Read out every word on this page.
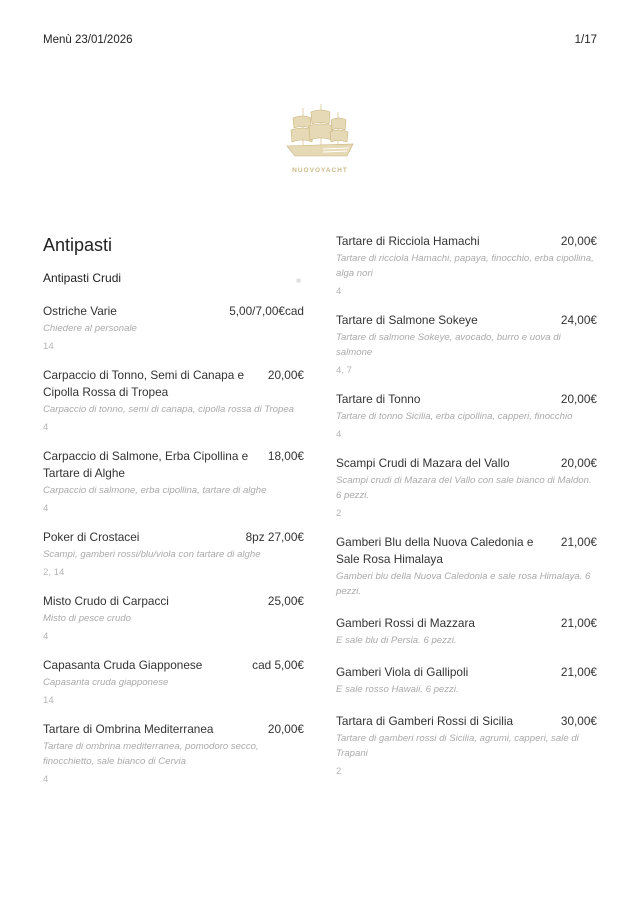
Menù 23/01/2026	1/17
NUOVOYACHT
Antipasti
Antipasti Crudi	■
Ostriche Varie	5,00/7,00€cad
Chiedere al personale
14
Carpaccio di Tonno, Semi di Canapa e Cipolla Rossa di Tropea
20,00€
Carpaccio di tonno, semi di canapa, cipolla rossa di Tropea
4
Carpaccio di Salmone, Erba Cipollina e Tartare di Alghe
18,00€
Carpaccio di salmone, erba cipollina, tartare di alghe
4
Poker di Crostacei	8pz 27,00€
Scampi, gamberi rossi/blu/viola con tartare di alghe
2, 14
Misto Crudo di Carpacci	25,00€
Misto di pesce crudo
4
Capasanta Cruda Giapponese	cad 5,00€
Capasanta cruda giapponese
14
Tartare di Ombrina Mediterranea	20,00€
Tartare di ombrina mediterranea, pomodoro secco, finocchietto, sale bianco di Cervia
4
Tartare di Ricciola Hamachi	20,00€
Tartare di ricciola Hamachi, papaya, finocchio, erba cipollina, alga nori
4
Tartare di Salmone Sokeye	24,00€
Tartare di salmone Sokeye, avocado, burro e uova di salmone
4, 7
Tartare di Tonno	20,00€
Tartare di tonno Sicilia, erba cipollina, capperi, finocchio
4
Scampi Crudi di Mazara del Vallo	20,00€
Scampi crudi di Mazara del Vallo con sale bianco di Maldon. 6 pezzi.
2
Gamberi Blu della Nuova Caledonia e Sale Rosa Himalaya
21,00€
Gamberi blu della Nuova Caledonia e sale rosa Himalaya. 6 pezzi.
Gamberi Rossi di Mazzara	21,00€
E sale blu di Persia. 6 pezzi.
Gamberi Viola di Gallipoli	21,00€
E sale rosso Hawaii. 6 pezzi.
Tartara di Gamberi Rossi di Sicilia	30,00€
Tartare di gamberi rossi di Sicilia, agrumi, capperi, sale di Trapani
2
